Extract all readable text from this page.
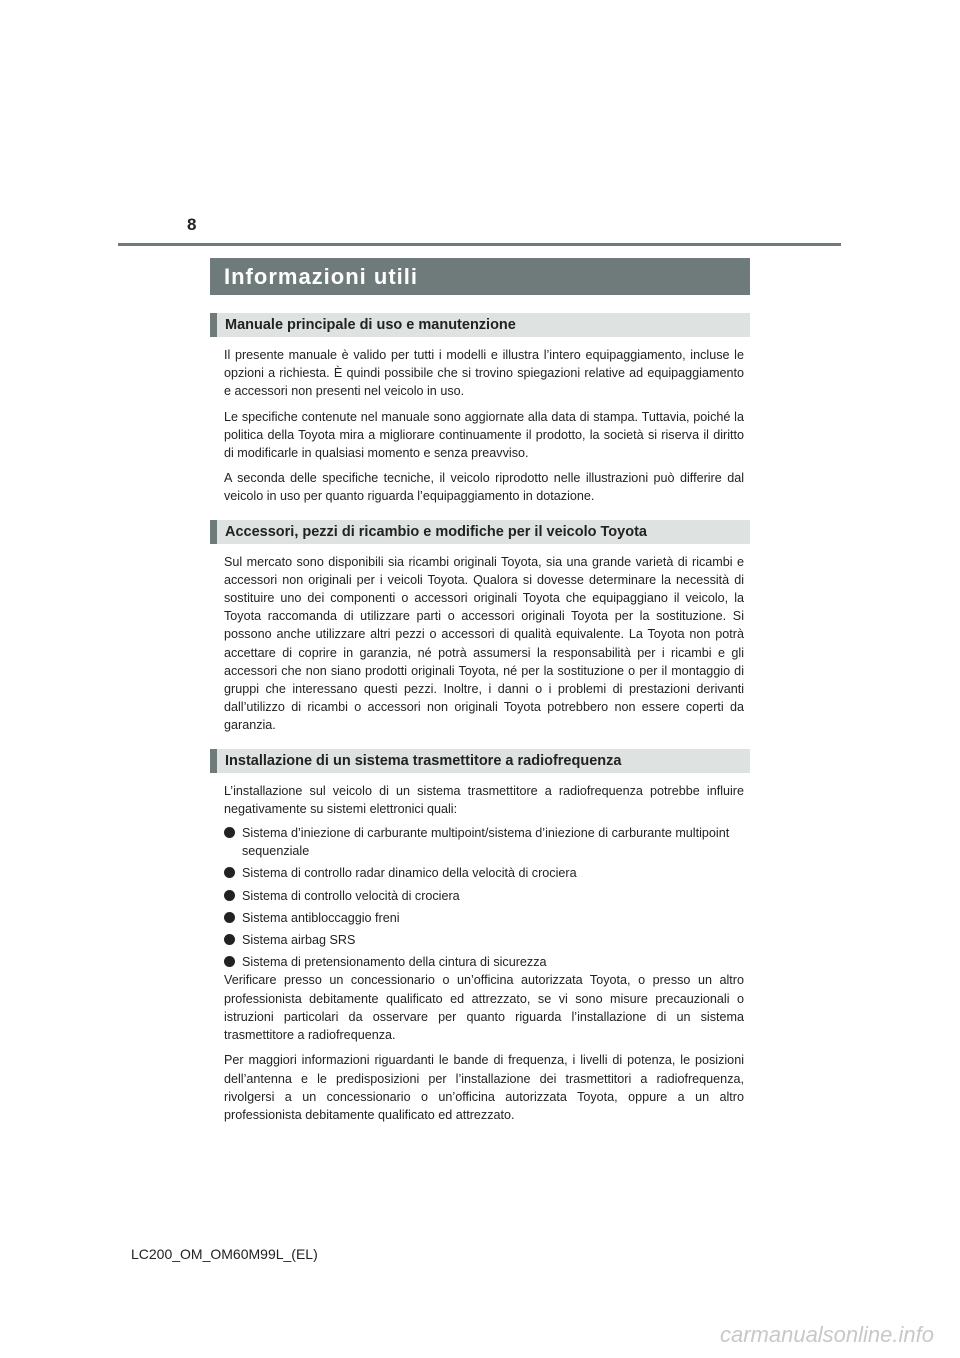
8
Informazioni utili
Manuale principale di uso e manutenzione

Il presente manuale è valido per tutti i modelli e illustra l’intero equipaggiamento, incluse le opzioni a richiesta. È quindi possibile che si trovino spiegazioni relative ad equipaggiamento e accessori non presenti nel veicolo in uso.

Le specifiche contenute nel manuale sono aggiornate alla data di stampa. Tuttavia, poiché la politica della Toyota mira a migliorare continuamente il prodotto, la società si riserva il diritto di modificarle in qualsiasi momento e senza preavviso.

A seconda delle specifiche tecniche, il veicolo riprodotto nelle illustrazioni può differire dal veicolo in uso per quanto riguarda l’equipaggiamento in dotazione.

Accessori, pezzi di ricambio e modifiche per il veicolo Toyota

Sul mercato sono disponibili sia ricambi originali Toyota, sia una grande varietà di ricambi e accessori non originali per i veicoli Toyota. Qualora si dovesse determinare la necessità di sostituire uno dei componenti o accessori originali Toyota che equipaggiano il veicolo, la Toyota raccomanda di utilizzare parti o accessori originali Toyota per la sostituzione. Si possono anche utilizzare altri pezzi o accessori di qualità equivalente. La Toyota non potrà accettare di coprire in garanzia, né potrà assumersi la responsabilità per i ricambi e gli accessori che non siano prodotti originali Toyota, né per la sostituzione o per il montaggio di gruppi che interessano questi pezzi. Inoltre, i danni o i problemi di prestazioni derivanti dall’utilizzo di ricambi o accessori non originali Toyota potrebbero non essere coperti da garanzia.

Installazione di un sistema trasmettitore a radiofrequenza

L’installazione sul veicolo di un sistema trasmettitore a radiofrequenza potrebbe influire negativamente su sistemi elettronici quali:

Sistema d’iniezione di carburante multipoint/sistema d’iniezione di carburante multipoint sequenziale
Sistema di controllo radar dinamico della velocità di crociera
Sistema di controllo velocità di crociera
Sistema antibloccaggio freni
Sistema airbag SRS
Sistema di pretensionamento della cintura di sicurezza

Verificare presso un concessionario o un’officina autorizzata Toyota, o presso un altro professionista debitamente qualificato ed attrezzato, se vi sono misure precauzionali o istruzioni particolari da osservare per quanto riguarda l’installazione di un sistema trasmettitore a radiofrequenza.

Per maggiori informazioni riguardanti le bande di frequenza, i livelli di potenza, le posizioni dell’antenna e le predisposizioni per l’installazione dei trasmettitori a radiofrequenza, rivolgersi a un concessionario o un’officina autorizzata Toyota, oppure a un altro professionista debitamente qualificato ed attrezzato.

LC200_OM_OM60M99L_(EL)
carmanualsonline.info
